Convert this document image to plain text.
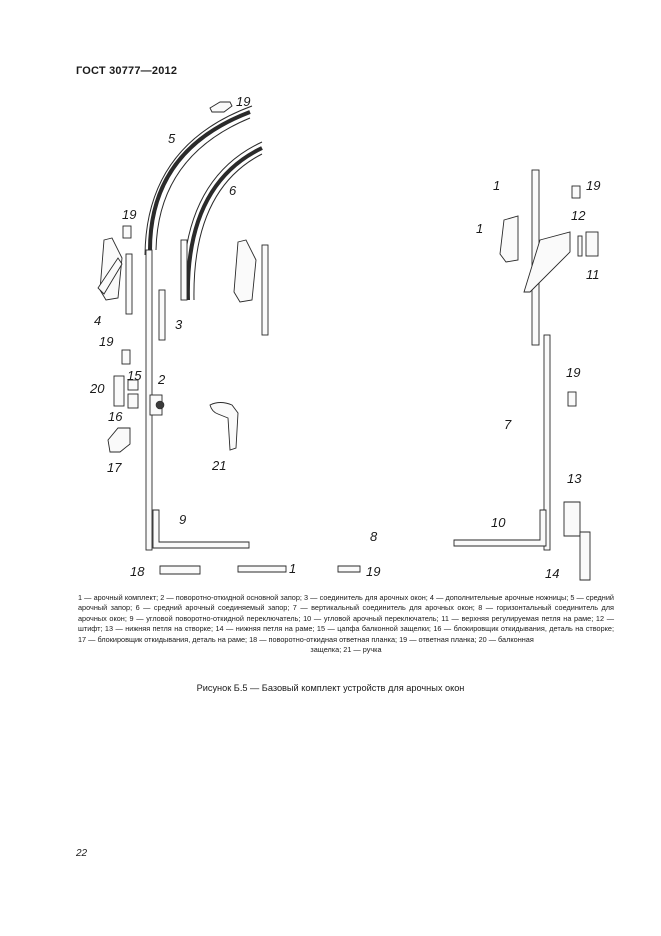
ГОСТ 30777—2012
19
5
6
19
4	3
19
15 2
20
16
17	21
9
8
18	1	19
1	19
12
1
11
19
7
13
10
14
1 — арочный комплект; 2 — поворотно-откидной основной запор; 3 — соединитель для арочных окон; 4 — дополнительные арочные ножницы; 5 — средний арочный запор; 6 — средний арочный соединяемый запор; 7 — вертикальный соединитель для арочных окон; 8 — горизонтальный соединитель для арочных окон; 9 — угловой поворотно-откидной переключатель; 10 — угловой арочный переключатель; 11 — верхняя регулируемая петля на раме; 12 — штифт; 13 — нижняя петля на створке; 14 — нижняя петля на раме; 15 — цапфа балконной защелки; 16 — блокировщик откидывания, деталь на створке; 17 — блокировщик откидывания, деталь на раме; 18 — поворотно-откидная ответная планка; 19 — ответная планка; 20 — балконная
защелка; 21 — ручка
Рисунок Б.5 — Базовый комплект устройств для арочных окон
22
